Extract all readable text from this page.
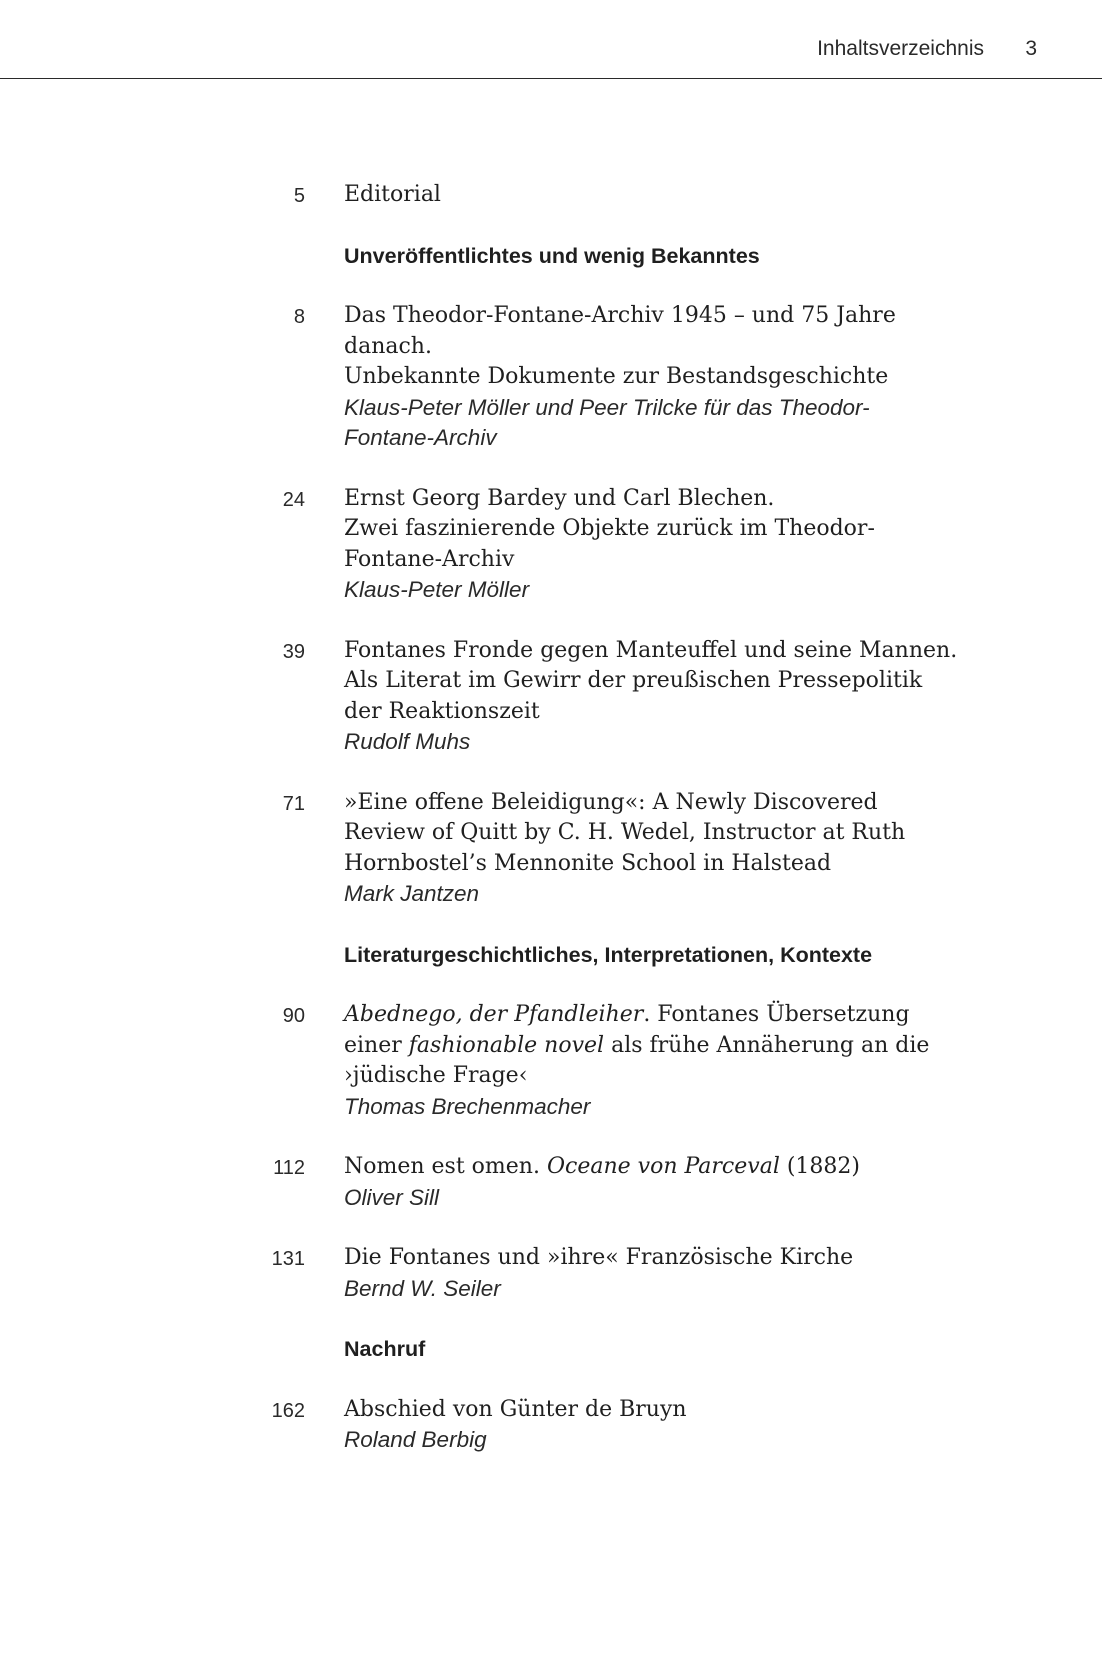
Inhaltsverzeichnis 3
5 Editorial
Unveröffentlichtes und wenig Bekanntes
8 Das Theodor-Fontane-Archiv 1945 – und 75 Jahre
danach.
Unbekannte Dokumente zur Bestandsgeschichte
Klaus-Peter Möller und Peer Trilcke für das Theodor-
Fontane-Archiv
24 Ernst Georg Bardey und Carl Blechen.
Zwei faszinierende Objekte zurück im Theodor-
Fontane-Archiv
Klaus-Peter Möller
39 Fontanes Fronde gegen Manteuffel und seine Mannen.
Als Literat im Gewirr der preußischen Pressepolitik
der Reaktionszeit
Rudolf Muhs
71 »Eine offene Beleidigung«: A Newly Discovered
Review of Quitt by C. H. Wedel, Instructor at Ruth
Hornbostel’s Mennonite School in Halstead
Mark Jantzen
Literaturgeschichtliches, Interpretationen, Kontexte
90 Abednego, der Pfandleiher. Fontanes Übersetzung
einer fashionable novel als frühe Annäherung an die
›jüdische Frage‹
Thomas Brechenmacher
112 Nomen est omen. Oceane von Parceval (1882)
Oliver Sill
131 Die Fontanes und »ihre« Französische Kirche
Bernd W. Seiler
Nachruf
162 Abschied von Günter de Bruyn
Roland Berbig
